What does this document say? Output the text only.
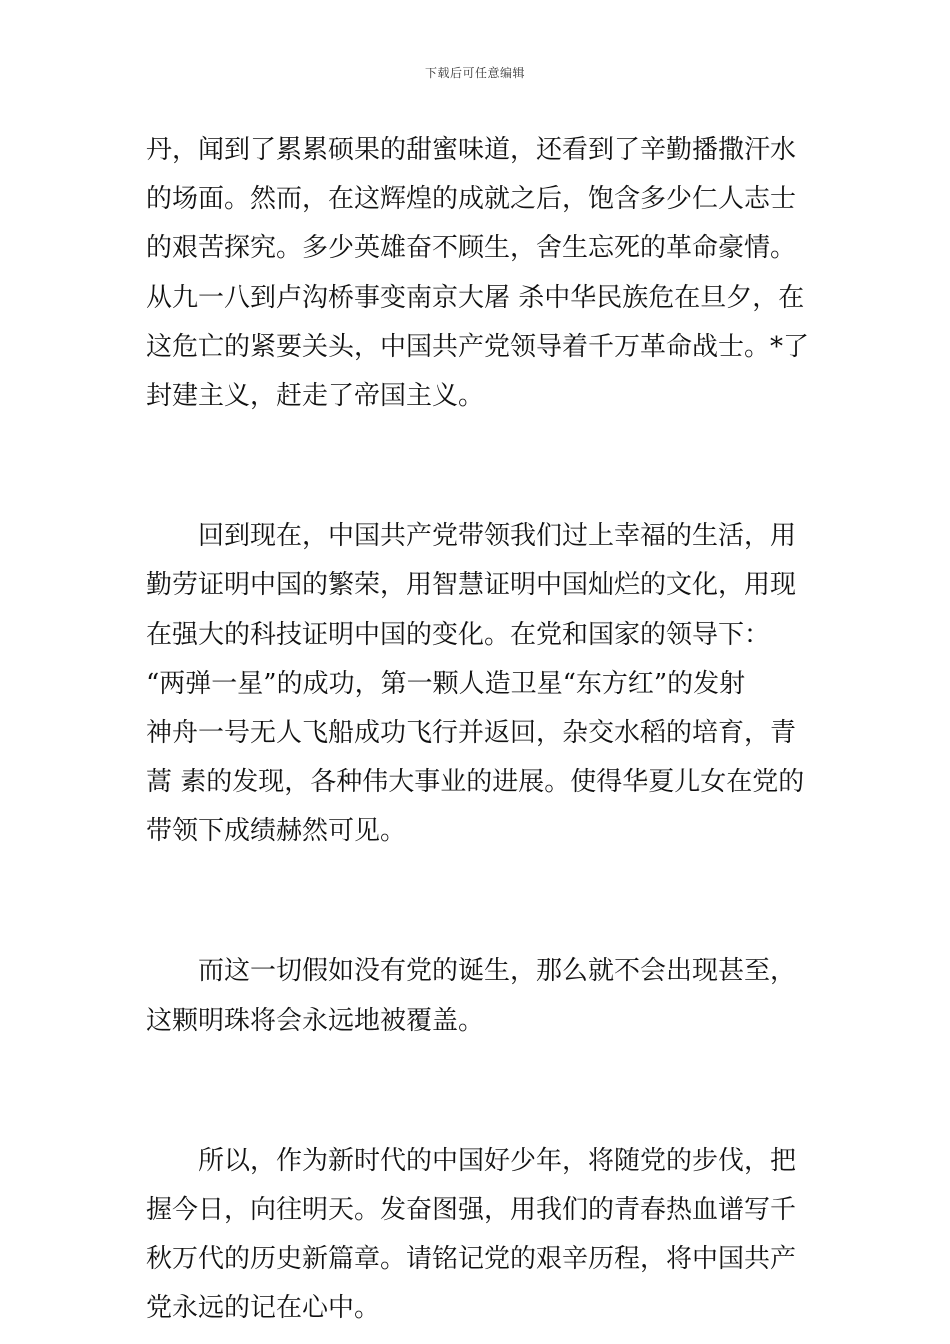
下载后可任意编辑
丹，闻到了累累硕果的甜蜜味道，还看到了辛勤播撒汗水
的场面。然而，在这辉煌的成就之后，饱含多少仁人志士
的艰苦探究。多少英雄奋不顾生，舍生忘死的革命豪情。
从九一八到卢沟桥事变南京大屠 杀中华民族危在旦夕，在
这危亡的紧要关头，中国共产党领导着千万革命战士。*了
封建主义，赶走了帝国主义。
回到现在，中国共产党带领我们过上幸福的生活，用
勤劳证明中国的繁荣，用智慧证明中国灿烂的文化，用现
在强大的科技证明中国的变化。在党和国家的领导下：
“两弹一星”的成功，第一颗人造卫星“东方红”的发射
神舟一号无人飞船成功飞行并返回，杂交水稻的培育，青
蒿 素的发现，各种伟大事业的进展。使得华夏儿女在党的
带领下成绩赫然可见。
而这一切假如没有党的诞生，那么就不会出现甚至，
这颗明珠将会永远地被覆盖。
所以，作为新时代的中国好少年，将随党的步伐，把
握今日，向往明天。发奋图强，用我们的青春热血谱写千
秋万代的历史新篇章。请铭记党的艰辛历程，将中国共产
党永远的记在心中。
